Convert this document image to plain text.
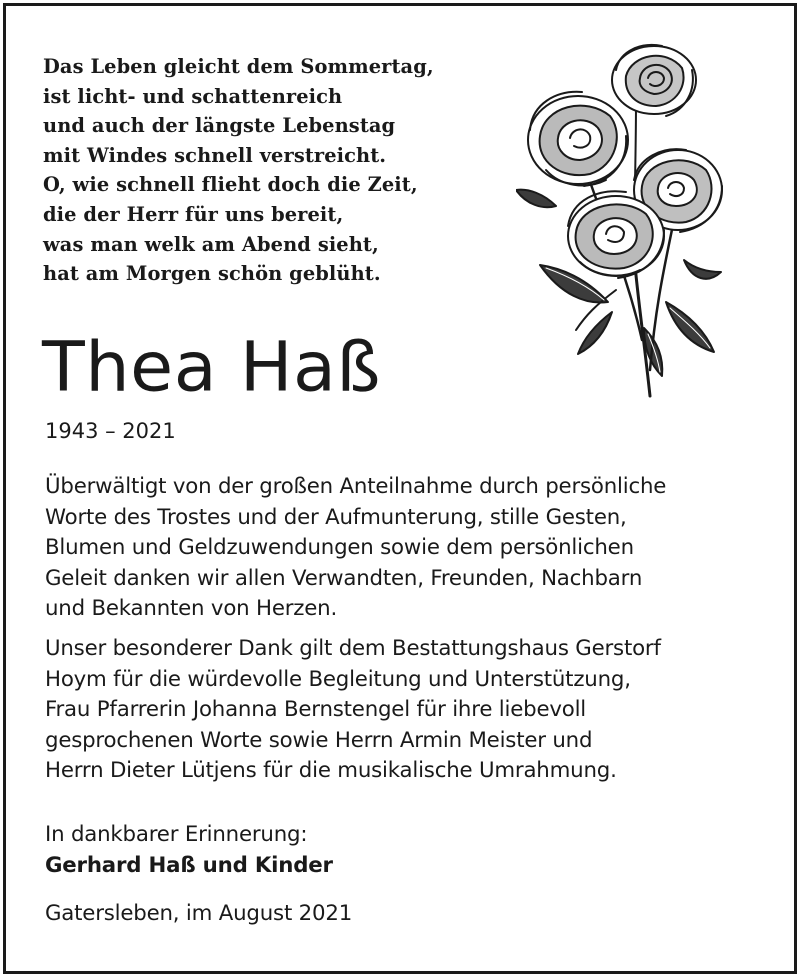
Das Leben gleicht dem Sommertag,
ist licht- und schattenreich
und auch der längste Lebenstag
mit Windes schnell verstreicht.
O, wie schnell flieht doch die Zeit,
die der Herr für uns bereit,
was man welk am Abend sieht,
hat am Morgen schön geblüht.
Thea Haß
1943 – 2021
Überwältigt von der großen Anteilnahme durch persönliche
Worte des Trostes und der Aufmunterung, stille Gesten,
Blumen und Geldzuwendungen sowie dem persönlichen
Geleit danken wir allen Verwandten, Freunden, Nachbarn
und Bekannten von Herzen.
Unser besonderer Dank gilt dem Bestattungshaus Gerstorf
Hoym für die würdevolle Begleitung und Unterstützung,
Frau Pfarrerin Johanna Bernstengel für ihre liebevoll
gesprochenen Worte sowie Herrn Armin Meister und
Herrn Dieter Lütjens für die musikalische Umrahmung.
In dankbarer Erinnerung:
Gerhard Haß und Kinder
Gatersleben, im August 2021
